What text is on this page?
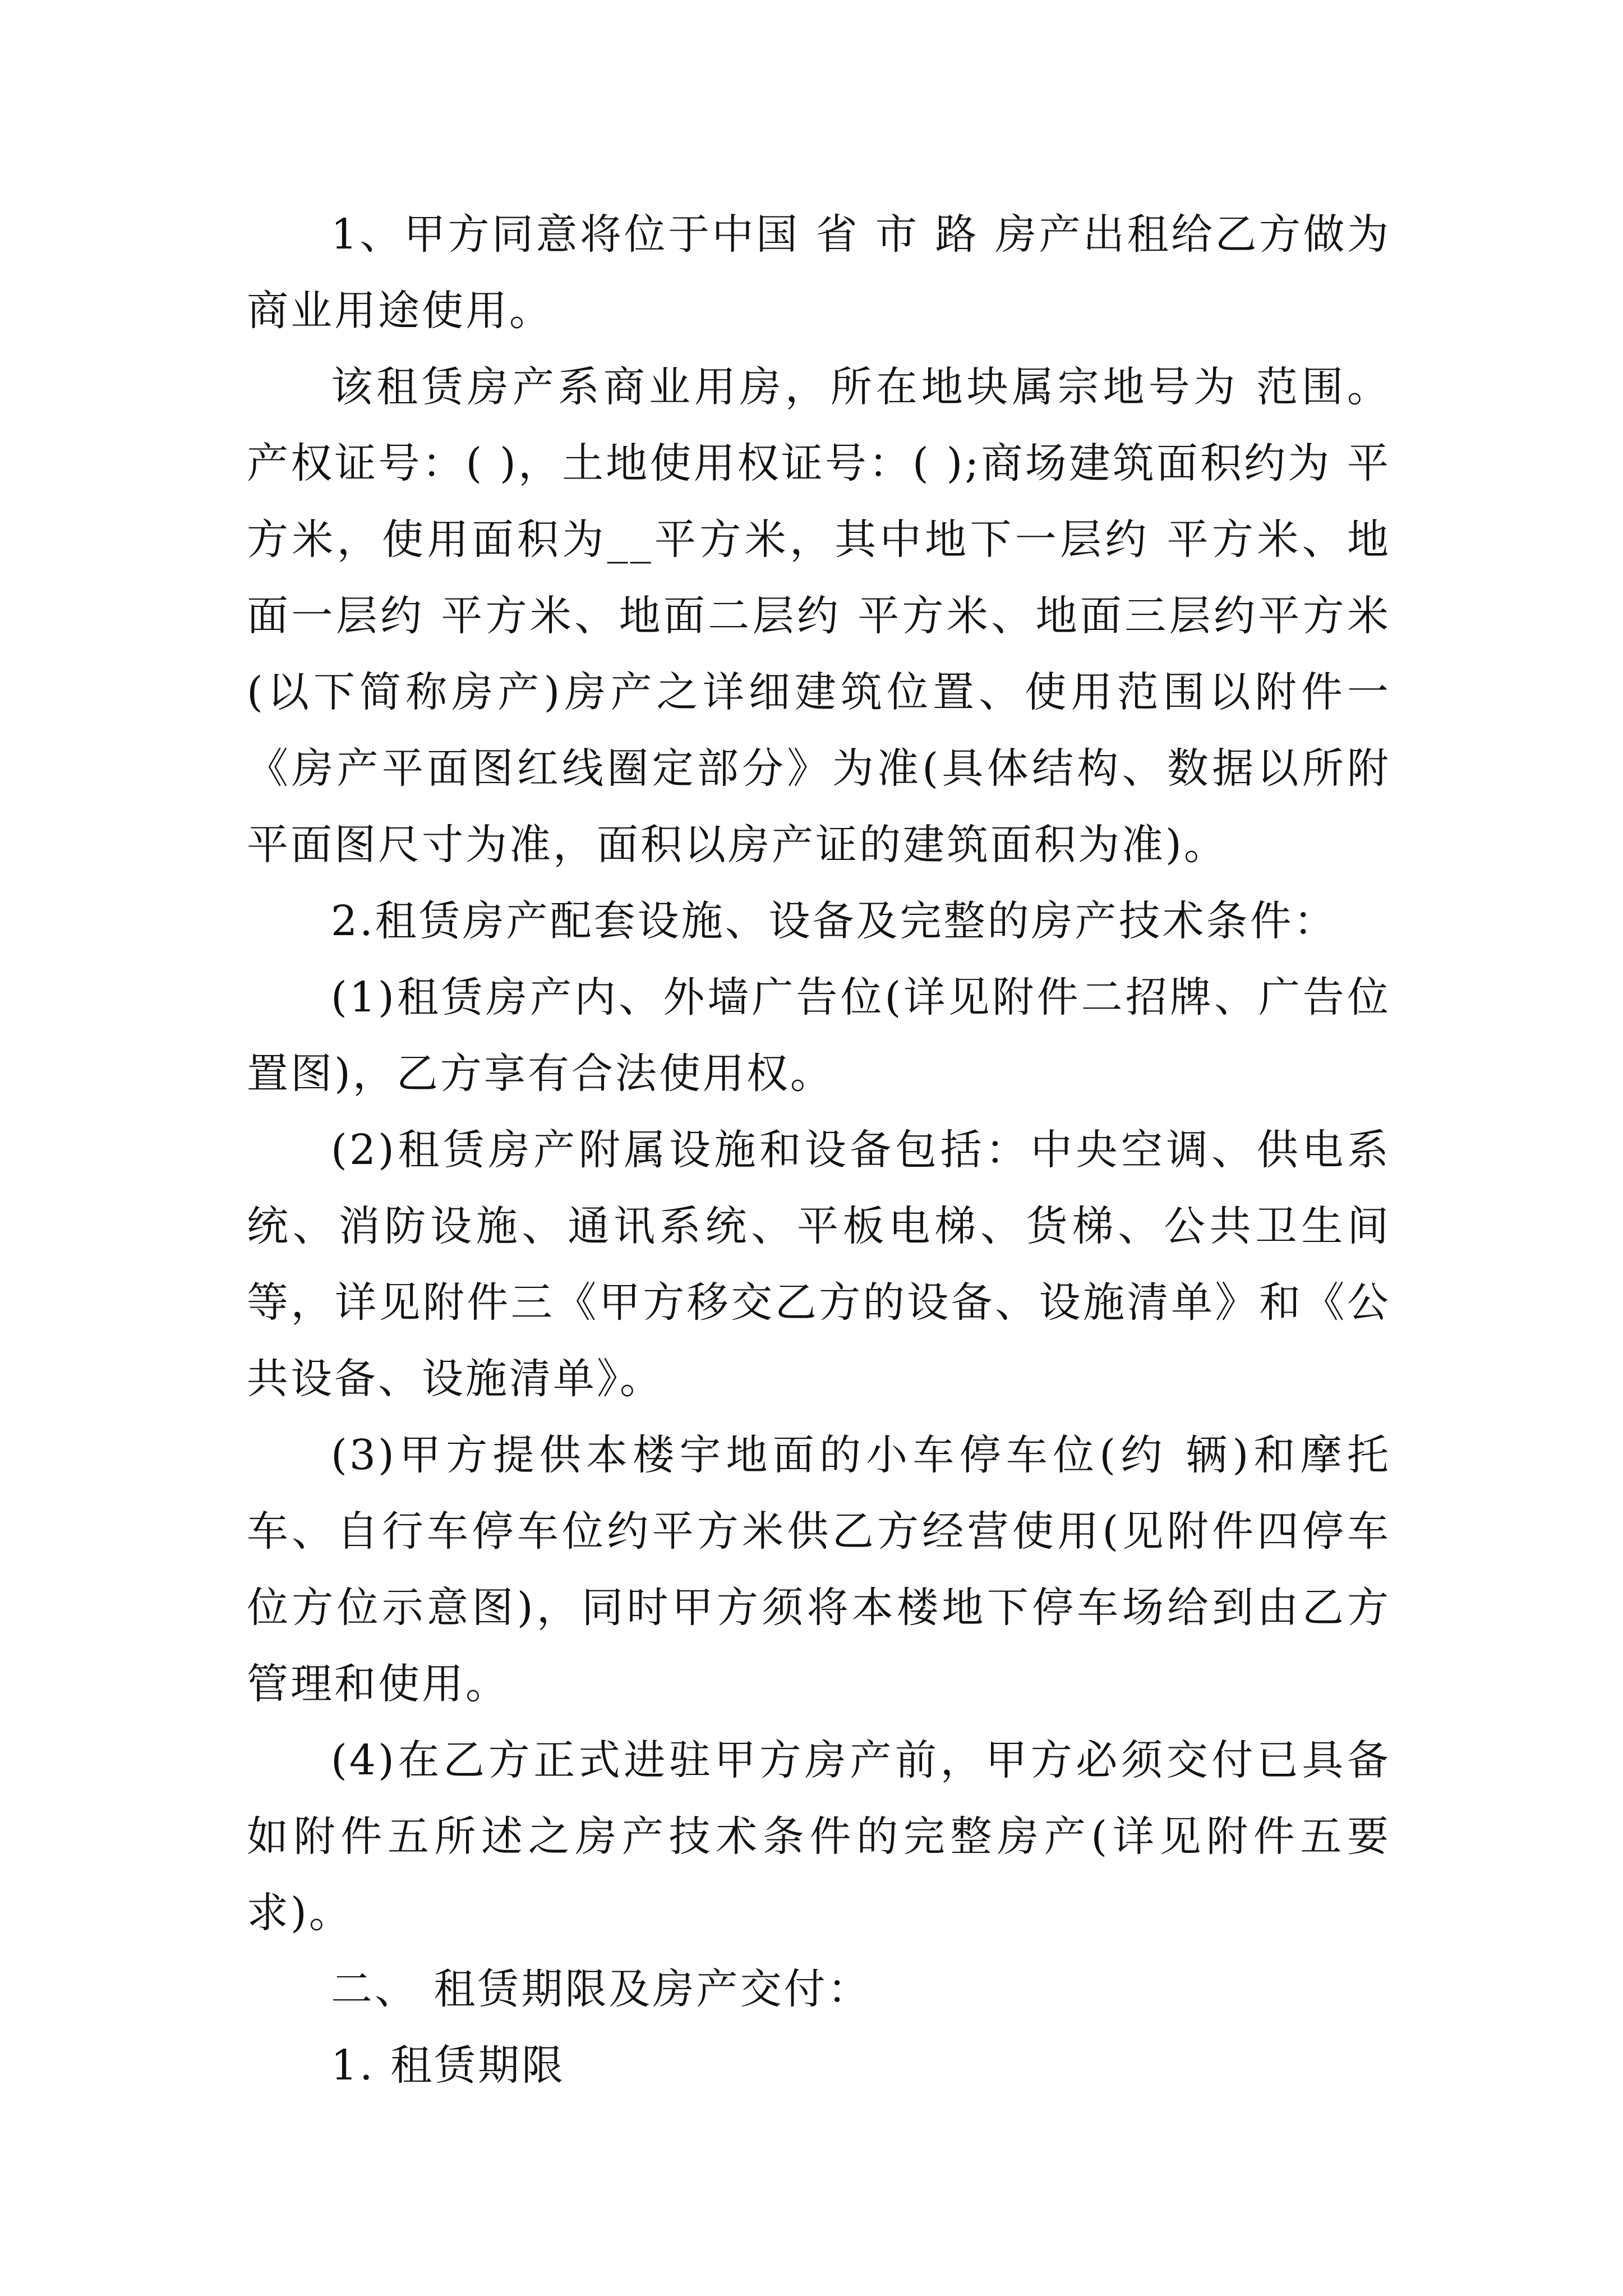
1、甲方同意将位于中国 省 市 路 房产出租给乙方做为商业用途使用。

该租赁房产系商业用房，所在地块属宗地号为 范围。产权证号：( )，土地使用权证号：( );商场建筑面积约为 平方米，使用面积为__平方米，其中地下一层约 平方米、地面一层约 平方米、地面二层约 平方米、地面三层约平方米(以下简称房产)房产之详细建筑位置、使用范围以附件一《房产平面图红线圈定部分》为准(具体结构、数据以所附平面图尺寸为准，面积以房产证的建筑面积为准)。

2.租赁房产配套设施、设备及完整的房产技术条件：

(1)租赁房产内、外墙广告位(详见附件二招牌、广告位置图)，乙方享有合法使用权。

(2)租赁房产附属设施和设备包括：中央空调、供电系统、消防设施、通讯系统、平板电梯、货梯、公共卫生间等，详见附件三《甲方移交乙方的设备、设施清单》和《公共设备、设施清单》。

(3)甲方提供本楼宇地面的小车停车位(约 辆)和摩托车、自行车停车位约平方米供乙方经营使用(见附件四停车位方位示意图)，同时甲方须将本楼地下停车场给到由乙方管理和使用。

(4)在乙方正式进驻甲方房产前，甲方必须交付已具备如附件五所述之房产技术条件的完整房产(详见附件五要求)。

二、 租赁期限及房产交付：

1. 租赁期限
